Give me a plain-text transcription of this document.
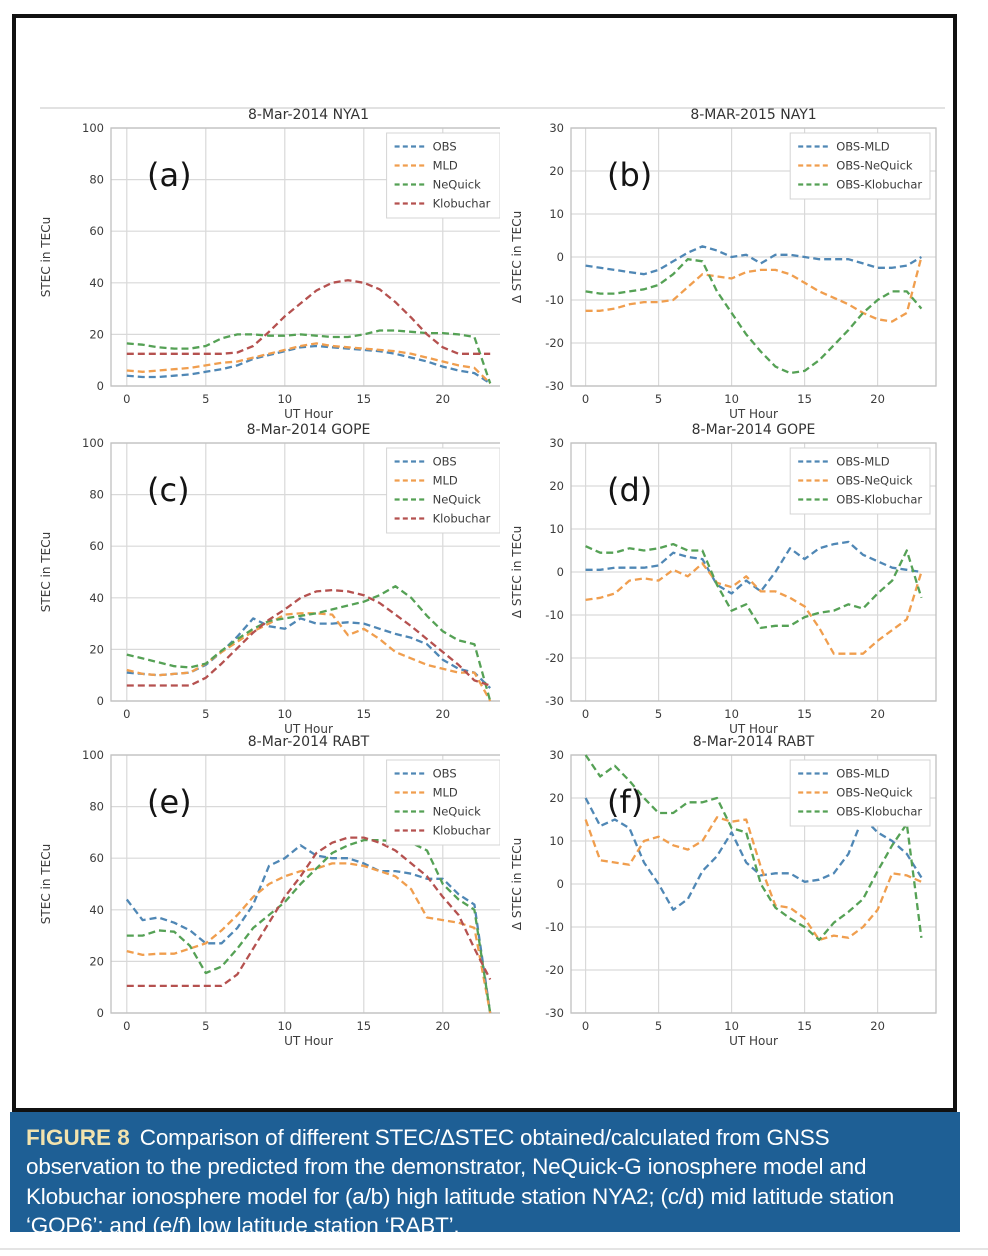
0	5	10	15	20
0
20
40
60
80
100
8-Mar-2014 NYA1
UT Hour
STEC in TECu
(a)
OBS
MLD
NeQuick
Klobuchar
0	5	10	15	20
-30
-20
-10
0
10
20
30
8-MAR-2015 NAY1
UT Hour
Δ STEC in TECu
(b)
OBS-MLD
OBS-NeQuick
OBS-Klobuchar
0	5	10	15	20
0
20
40
60
80
100
8-Mar-2014 GOPE
UT Hour
STEC in TECu
(c)
OBS
MLD
NeQuick
Klobuchar
0	5	10	15	20
-30
-20
-10
0
10
20
30
8-Mar-2014 GOPE
UT Hour
Δ STEC in TECu
(d)
OBS-MLD
OBS-NeQuick
OBS-Klobuchar
0	5	10	15	20
0
20
40
60
80
100
8-Mar-2014 RABT
UT Hour
STEC in TECu
(e)
OBS
MLD
NeQuick
Klobuchar
0	5	10	15	20
-30
-20
-10
0
10
20
30
8-Mar-2014 RABT
UT Hour
Δ STEC in TECu
(f)
OBS-MLD
OBS-NeQuick
OBS-Klobuchar

FIGURE 8 Comparison of different STEC/ΔSTEC obtained/calculated from GNSS observation to the predicted from the demonstrator, NeQuick-G ionosphere model and Klobuchar ionosphere model for (a/b) high latitude station NYA2; (c/d) mid latitude station ‘GOP6’; and (e/f) low latitude station ‘RABT’.
